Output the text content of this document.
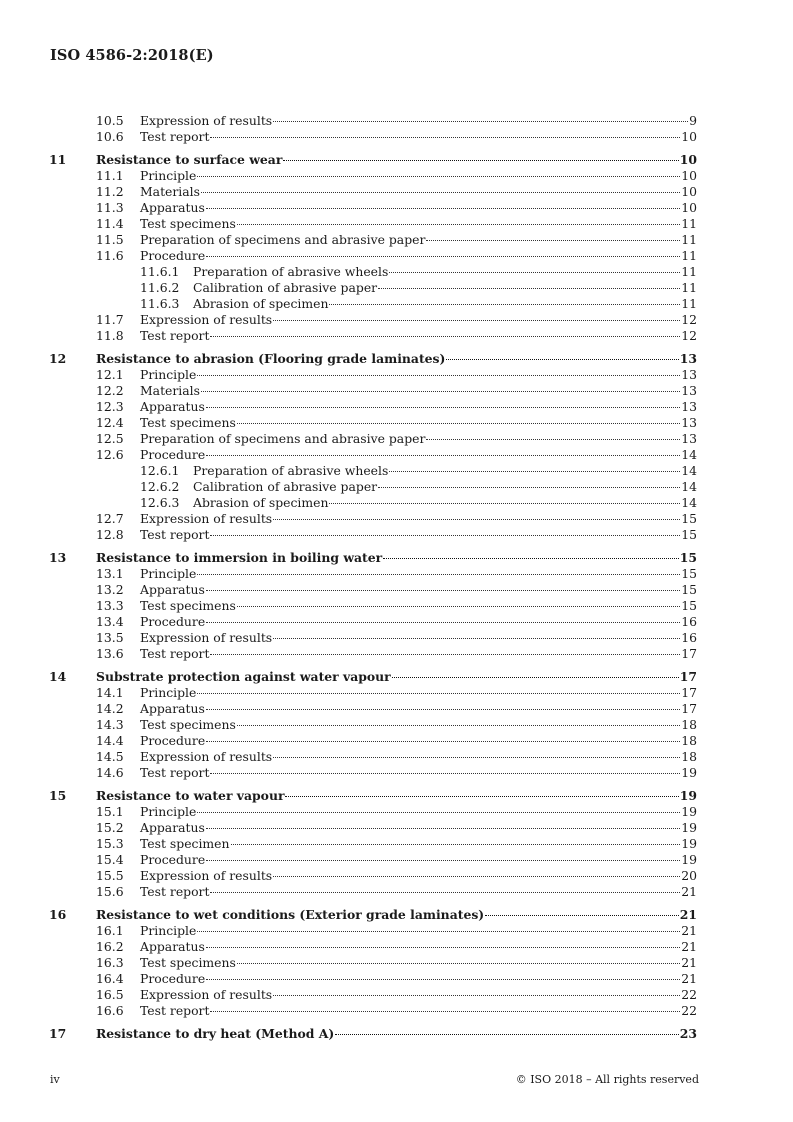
ISO 4586-2:2018(E)
10.5 Expression of results	9
10.6 Test report	10
11 Resistance to surface wear	10
11.1 Principle	10
11.2 Materials	10
11.3 Apparatus	10
11.4 Test specimens	11
11.5 Preparation of specimens and abrasive paper	11
11.6 Procedure	11
11.6.1 Preparation of abrasive wheels	11
11.6.2 Calibration of abrasive paper	11
11.6.3 Abrasion of specimen	11
11.7 Expression of results	12
11.8 Test report	12
12 Resistance to abrasion (Flooring grade laminates)	13
12.1 Principle	13
12.2 Materials	13
12.3 Apparatus	13
12.4 Test specimens	13
12.5 Preparation of specimens and abrasive paper	13
12.6 Procedure	14
12.6.1 Preparation of abrasive wheels	14
12.6.2 Calibration of abrasive paper	14
12.6.3 Abrasion of specimen	14
12.7 Expression of results	15
12.8 Test report	15
13 Resistance to immersion in boiling water	15
13.1 Principle	15
13.2 Apparatus	15
13.3 Test specimens	15
13.4 Procedure	16
13.5 Expression of results	16
13.6 Test report	17
14 Substrate protection against water vapour	17
14.1 Principle	17
14.2 Apparatus	17
14.3 Test specimens	18
14.4 Procedure	18
14.5 Expression of results	18
14.6 Test report	19
15 Resistance to water vapour	19
15.1 Principle	19
15.2 Apparatus	19
15.3 Test specimen	19
15.4 Procedure	19
15.5 Expression of results	20
15.6 Test report	21
16 Resistance to wet conditions (Exterior grade laminates)	21
16.1 Principle	21
16.2 Apparatus	21
16.3 Test specimens	21
16.4 Procedure	21
16.5 Expression of results	22
16.6 Test report	22
17 Resistance to dry heat (Method A)	23
iv	© ISO 2018 – All rights reserved
